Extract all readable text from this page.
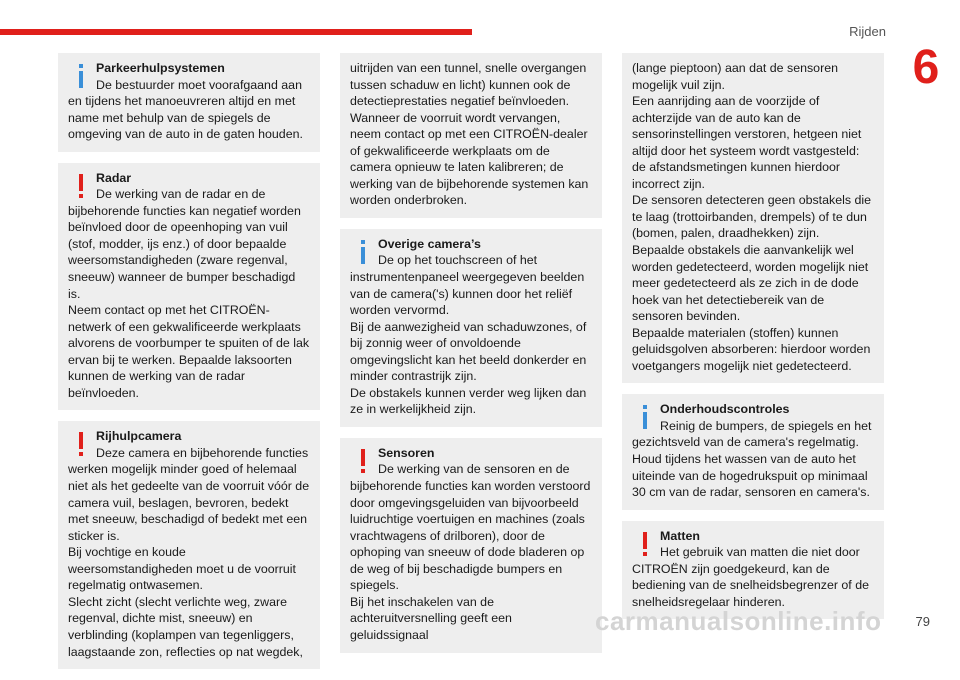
Rijden
6
Parkeerhulpsystemen

De bestuurder moet voorafgaand aan en tijdens het manoeuvreren altijd en met name met behulp van de spiegels de omgeving van de auto in de gaten houden.

Radar

De werking van de radar en de bijbehorende functies kan negatief worden beïnvloed door de opeenhoping van vuil (stof, modder, ijs enz.) of door bepaalde weersomstandigheden (zware regenval, sneeuw) wanneer de bumper beschadigd is.
Neem contact op met het CITROËN-netwerk of een gekwalificeerde werkplaats alvorens de voorbumper te spuiten of de lak ervan bij te werken. Bepaalde laksoorten kunnen de werking van de radar beïnvloeden.

Rijhulpcamera

Deze camera en bijbehorende functies werken mogelijk minder goed of helemaal niet als het gedeelte van de voorruit vóór de camera vuil, beslagen, bevroren, bedekt met sneeuw, beschadigd of bedekt met een sticker is.
Bij vochtige en koude weersomstandigheden moet u de voorruit regelmatig ontwasemen.
Slecht zicht (slecht verlichte weg, zware regenval, dichte mist, sneeuw) en verblinding (koplampen van tegenliggers, laagstaande zon, reflecties op nat wegdek,

uitrijden van een tunnel, snelle overgangen tussen schaduw en licht) kunnen ook de detectieprestaties negatief beïnvloeden.
Wanneer de voorruit wordt vervangen, neem contact op met een CITROËN-dealer of gekwalificeerde werkplaats om de camera opnieuw te laten kalibreren; de werking van de bijbehorende systemen kan worden onderbroken.

Overige camera’s

De op het touchscreen of het instrumentenpaneel weergegeven beelden van de camera('s) kunnen door het reliëf worden vervormd.
Bij de aanwezigheid van schaduwzones, of bij zonnig weer of onvoldoende omgevingslicht kan het beeld donkerder en minder contrastrijk zijn.
De obstakels kunnen verder weg lijken dan ze in werkelijkheid zijn.

Sensoren

De werking van de sensoren en de bijbehorende functies kan worden verstoord door omgevingsgeluiden van bijvoorbeeld luidruchtige voertuigen en machines (zoals vrachtwagens of drilboren), door de ophoping van sneeuw of dode bladeren op de weg of bij beschadigde bumpers en spiegels.
Bij het inschakelen van de achteruitversnelling geeft een geluidssignaal

(lange pieptoon) aan dat de sensoren mogelijk vuil zijn.
Een aanrijding aan de voorzijde of achterzijde van de auto kan de sensorinstellingen verstoren, hetgeen niet altijd door het systeem wordt vastgesteld: de afstandsmetingen kunnen hierdoor incorrect zijn.
De sensoren detecteren geen obstakels die te laag (trottoirbanden, drempels) of te dun (bomen, palen, draadhekken) zijn.
Bepaalde obstakels die aanvankelijk wel worden gedetecteerd, worden mogelijk niet meer gedetecteerd als ze zich in de dode hoek van het detectiebereik van de sensoren bevinden.
Bepaalde materialen (stoffen) kunnen geluidsgolven absorberen: hierdoor worden voetgangers mogelijk niet gedetecteerd.

Onderhoudscontroles

Reinig de bumpers, de spiegels en het gezichtsveld van de camera's regelmatig.
Houd tijdens het wassen van de auto het uiteinde van de hogedrukspuit op minimaal 30 cm van de radar, sensoren en camera's.

Matten

Het gebruik van matten die niet door CITROËN zijn goedgekeurd, kan de bediening van de snelheidsbegrenzer of de snelheidsregelaar hinderen.

79
carmanualsonline.info
